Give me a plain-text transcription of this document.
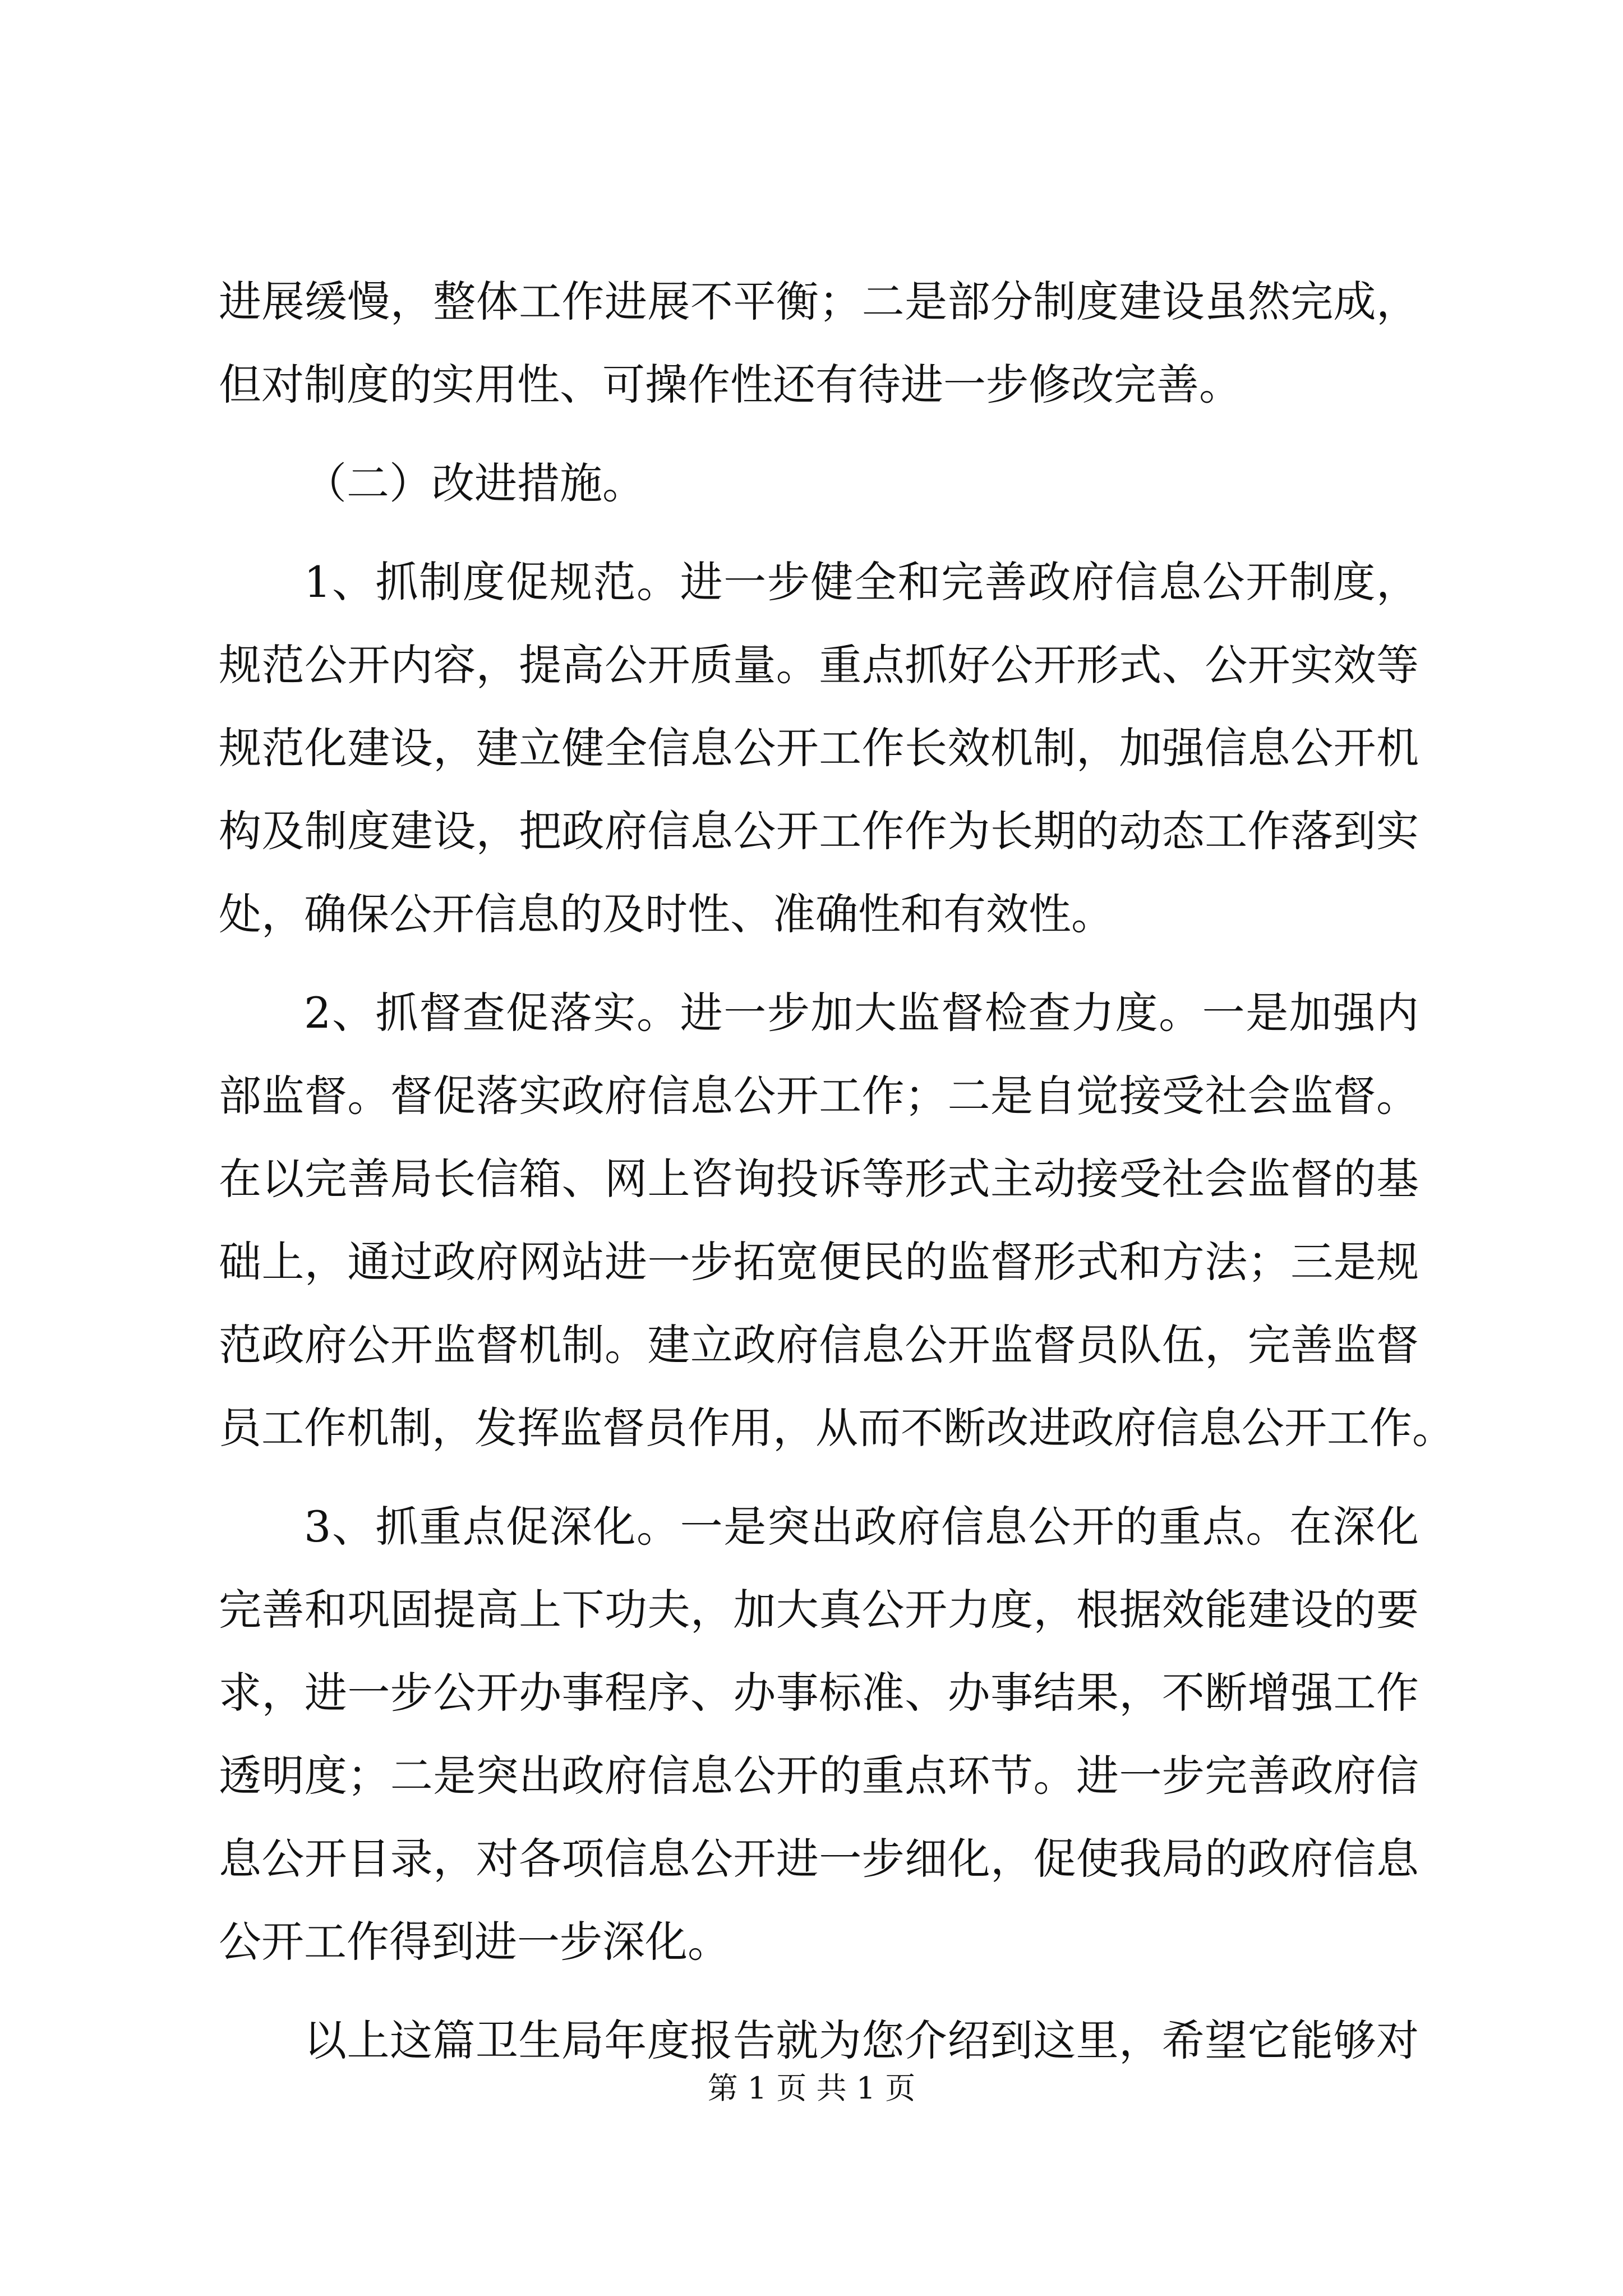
进展缓慢，整体工作进展不平衡；二是部分制度建设虽然完成，
但对制度的实用性、可操作性还有待进一步修改完善。
（二）改进措施。
1、抓制度促规范。进一步健全和完善政府信息公开制度，
规范公开内容，提高公开质量。重点抓好公开形式、公开实效等
规范化建设，建立健全信息公开工作长效机制，加强信息公开机
构及制度建设，把政府信息公开工作作为长期的动态工作落到实
处，确保公开信息的及时性、准确性和有效性。
2、抓督查促落实。进一步加大监督检查力度。一是加强内
部监督。督促落实政府信息公开工作；二是自觉接受社会监督。
在以完善局长信箱、网上咨询投诉等形式主动接受社会监督的基
础上，通过政府网站进一步拓宽便民的监督形式和方法；三是规
范政府公开监督机制。建立政府信息公开监督员队伍，完善监督
员工作机制，发挥监督员作用，从而不断改进政府信息公开工作。
3、抓重点促深化。一是突出政府信息公开的重点。在深化
完善和巩固提高上下功夫，加大真公开力度，根据效能建设的要
求，进一步公开办事程序、办事标准、办事结果，不断增强工作
透明度；二是突出政府信息公开的重点环节。进一步完善政府信
息公开目录，对各项信息公开进一步细化，促使我局的政府信息
公开工作得到进一步深化。
以上这篇卫生局年度报告就为您介绍到这里，希望它能够对
第 1 页 共 1 页
